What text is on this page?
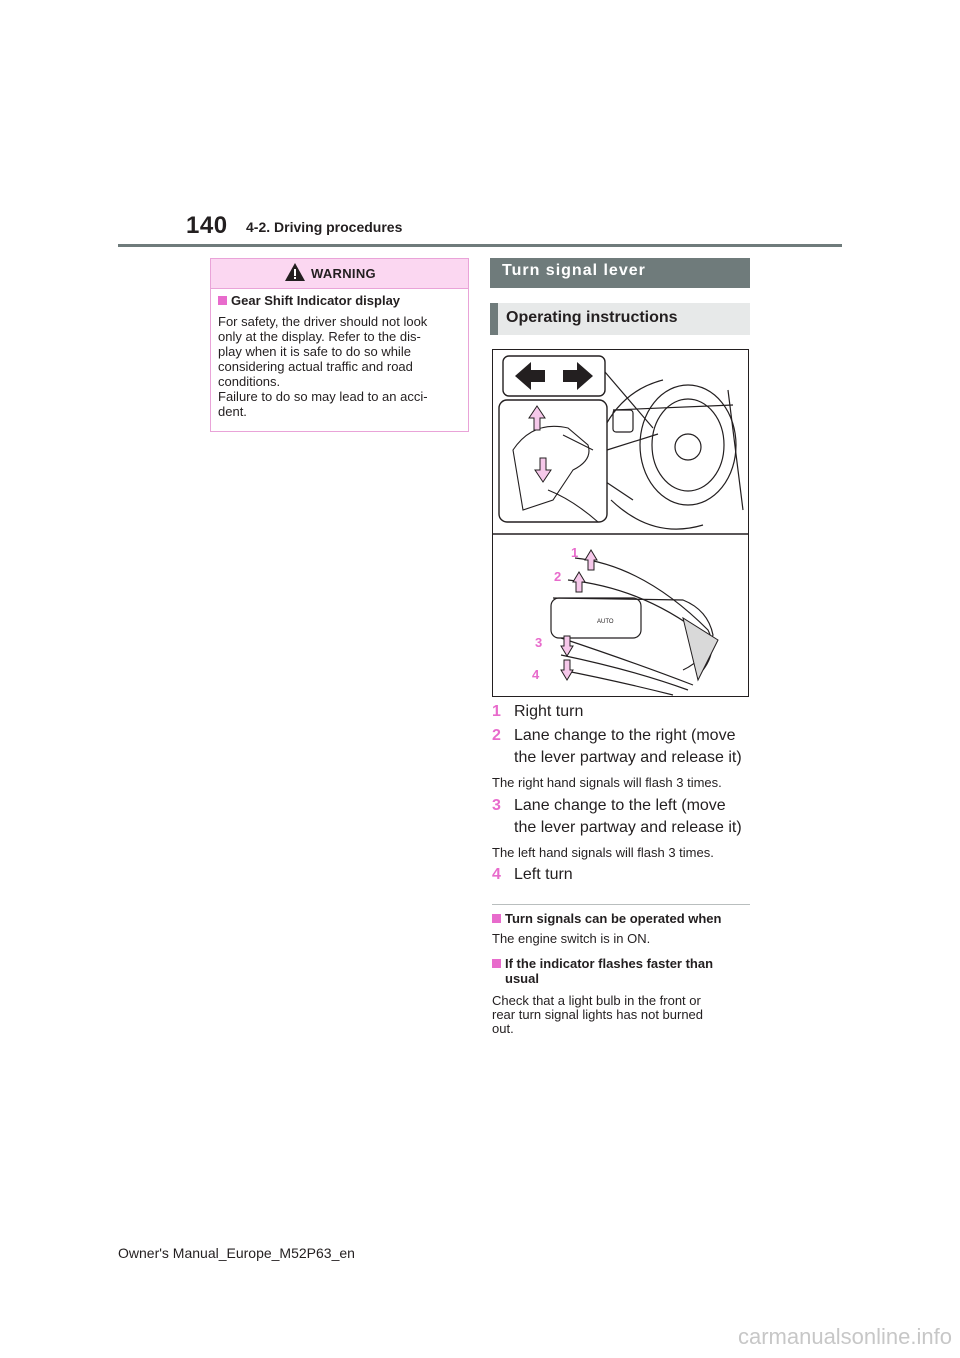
140 4-2. Driving procedures
WARNING
Gear Shift Indicator display
For safety, the driver should not look
only at the display. Refer to the dis-
play when it is safe to do so while
considering actual traffic and road
conditions.
Failure to do so may lead to an acci-
dent.
Turn signal lever
Operating instructions
AUTO
1
2
3
4
1 Right turn
2 Lane change to the right (move
the lever partway and release it)
The right hand signals will flash 3 times.
3 Lane change to the left (move
the lever partway and release it)
The left hand signals will flash 3 times.
4 Left turn
Turn signals can be operated when
The engine switch is in ON.
If the indicator flashes faster than
usual
Check that a light bulb in the front or
rear turn signal lights has not burned
out.
Owner's Manual_Europe_M52P63_en
carmanualsonline.info
